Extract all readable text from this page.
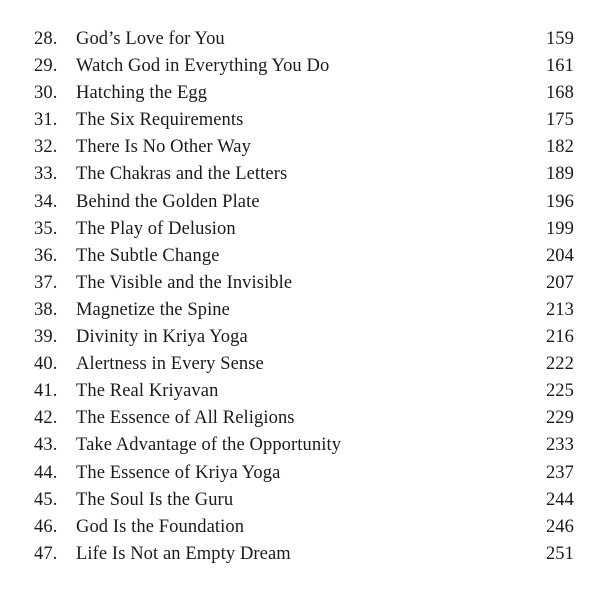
28.	God’s Love for You	159
29.	Watch God in Everything You Do	161
30.	Hatching the Egg	168
31.	The Six Requirements	175
32.	There Is No Other Way	182
33.	The Chakras and the Letters	189
34.	Behind the Golden Plate	196
35.	The Play of Delusion	199
36.	The Subtle Change	204
37.	The Visible and the Invisible	207
38.	Magnetize the Spine	213
39.	Divinity in Kriya Yoga	216
40.	Alertness in Every Sense	222
41.	The Real Kriyavan	225
42.	The Essence of All Religions	229
43.	Take Advantage of the Opportunity	233
44.	The Essence of Kriya Yoga	237
45.	The Soul Is the Guru	244
46.	God Is the Foundation	246
47.	Life Is Not an Empty Dream	251
